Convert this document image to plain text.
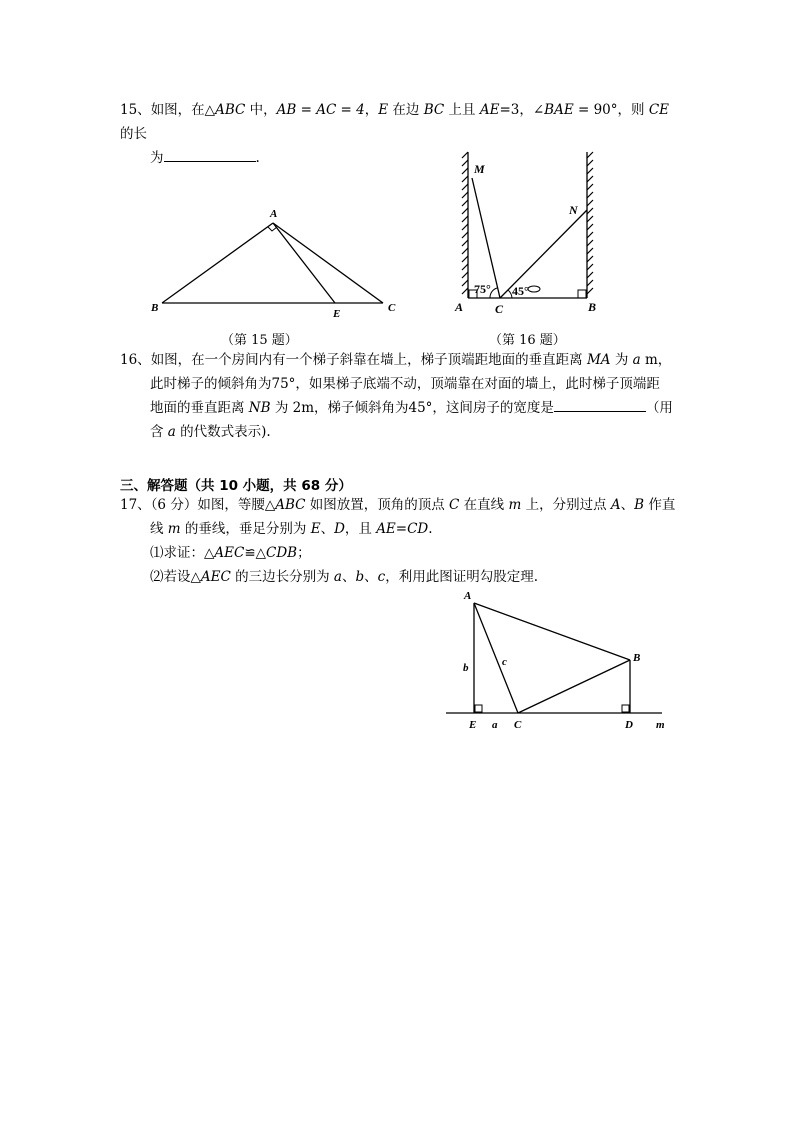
15、如图，在△ABC 中，AB = AC = 4，E 在边 BC 上且 AE=3，∠BAE = 90°，则 CE 的长
为	.
A
B	C
E
（第 15 题）
M
N
A	C	B
75° 45°
（第 16 题）
16、如图，在一个房间内有一个梯子斜靠在墙上，梯子顶端距地面的垂直距离 MA 为 a m，
此时梯子的倾斜角为75°，如果梯子底端不动，顶端靠在对面的墙上，此时梯子顶端距
地面的垂直距离 NB 为 2m，梯子倾斜角为45°，这间房子的宽度是	（用
含 a 的代数式表示).
三、解答题（共 10 小题，共 68 分）
17、（6 分）如图，等腰△ABC 如图放置，顶角的顶点 C 在直线 m 上，分别过点 A、B 作直
线 m 的垂线，垂足分别为 E、D，且 AE=CD.
⑴求证：△AEC≌△CDB；
⑵若设△AEC 的三边长分别为 a、b、c，利用此图证明勾股定理.
A
B
C
E	D m
a
b	c
